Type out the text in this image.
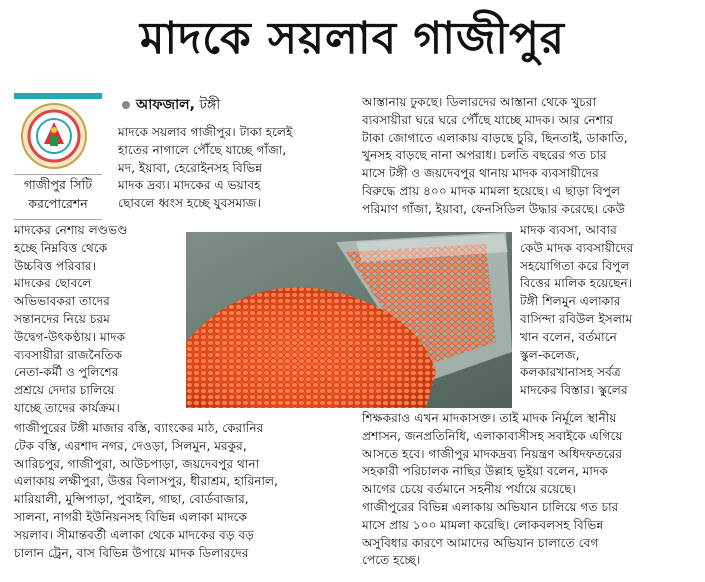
মাদকে সয়লাব গাজীপুর
গাজীপুর সিটি
করপোরেশন
আফজাল, টঙ্গী
মাদকে সয়লাব গাজীপুর। টাকা হলেই
হাতের নাগালে পৌঁছে যাচ্ছে গাঁজা,
মদ, ইয়াবা, হেরোইনসহ বিভিন্ন
মাদক দ্রব্য। মাদকের এ ভয়াবহ
ছোবলে ধ্বংস হচ্ছে যুবসমাজ।
মাদকের নেশায় লণ্ডভণ্ড
হচ্ছে নিম্নবিত্ত থেকে
উচ্চবিত্ত পরিবার।
মাদকের ছোবলে
অভিভাবকরা তাদের
সন্তানদের নিয়ে চরম
উদ্বেগ-উৎকণ্ঠায়। মাদক
ব্যবসায়ীরা রাজনৈতিক
নেতা-কর্মী ও পুলিশের
প্রশ্রয়ে দেদার চালিয়ে
যাচ্ছে তাদের কার্যক্রম।
গাজীপুরের টঙ্গী মাজার বস্তি, ব্যাংকের মাঠ, কেরানির
টেক বস্তি, এরশাদ নগর, দেওড়া, সিলমুন, মরকুর,
আরিচপুর, গাজীপুরা, আউচপাড়া, জয়দেবপুর থানা
এলাকায় লক্ষীপুরা, উত্তর বিলাসপুর, ধীরাশ্রম, হারিনাল,
মারিয়ালী, মুন্সিপাড়া, পুবাইল, গাছা, বোর্ডবাজার,
সালনা, নাগরী ইউনিয়নসহ বিভিন্ন এলাকা মাদকে
সয়লাব। সীমান্তবর্তী এলাকা থেকে মাদকের বড় বড়
চালান ট্রেন, বাস বিভিন্ন উপায়ে মাদক ডিলারদের
আস্তানায় ঢুকছে। ডিলারদের আস্তানা থেকে খুচরা
ব্যবসায়ীরা ঘরে ঘরে পৌঁছে যাচ্ছে মাদক। আর নেশার
টাকা জোগাতে এলাকায় বাড়ছে চুরি, ছিনতাই, ডাকাতি,
খুনসহ বাড়ছে নানা অপরাধ। চলতি বছরের গত চার
মাসে টঙ্গী ও জয়দেবপুর থানায় মাদক ব্যবসায়ীদের
বিরুদ্ধে প্রায় ৪০০ মাদক মামলা হয়েছে। এ ছাড়া বিপুল
পরিমাণ গাঁজা, ইয়াবা, ফেনসিডিল উদ্ধার করেছে। কেউ
মাদক ব্যবসা, আবার
কেউ মাদক ব্যবসায়ীদের
সহযোগিতা করে বিপুল
বিত্তের মালিক হয়েছেন।
টঙ্গী শিলমুন এলাকার
বাসিন্দা রবিউল ইসলাম
খান বলেন, বর্তমানে
স্কুল-কলেজ,
কলকারখানাসহ সর্বত্র
মাদকের বিস্তার। স্কুলের
শিক্ষকরাও এখন মাদকাসক্ত। তাই মাদক নির্মূলে স্থানীয়
প্রশাসন, জনপ্রতিনিধি, এলাকাবাসীসহ সবাইকে এগিয়ে
আসতে হবে। গাজীপুর মাদকদ্রব্য নিয়ন্ত্রণ অধিদফতরের
সহকারী পরিচালক নাছির উল্লাহ ভূইয়া বলেন, মাদক
আগের চেয়ে বর্তমানে সহনীয় পর্যায়ে রয়েছে।
গাজীপুরের বিভিন্ন এলাকায় অভিযান চালিয়ে গত চার
মাসে প্রায় ১০০ মামলা করেছি। লোকবলসহ বিভিন্ন
অসুবিধার কারণে আমাদের অভিযান চালাতে বেগ
পেতে হচ্ছে।
